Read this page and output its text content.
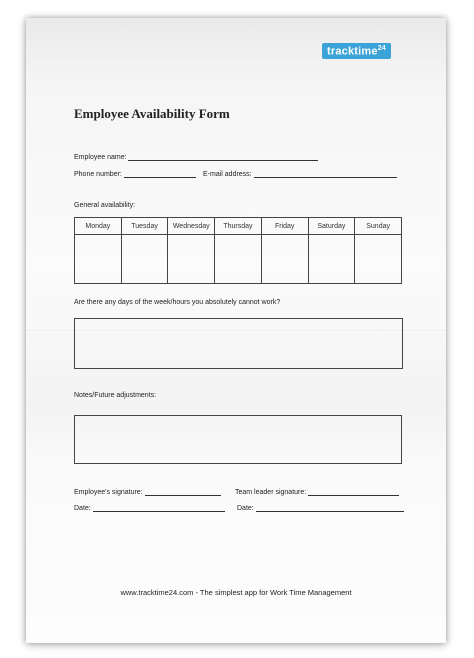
tracktime$^{24}$
Employee Availability Form
Employee name:
Phone number:	E-mail address:
General availability:
Monday	Tuesday	Wednesday	Thursday	Friday	Saturday	Sunday

Are there any days of the week/hours you absolutely cannot work?
Notes/Future adjustments:
Employee's signature:	Team leader signature:
Date:	Date:
www.tracktime24.com - The simplest app for Work Time Management
